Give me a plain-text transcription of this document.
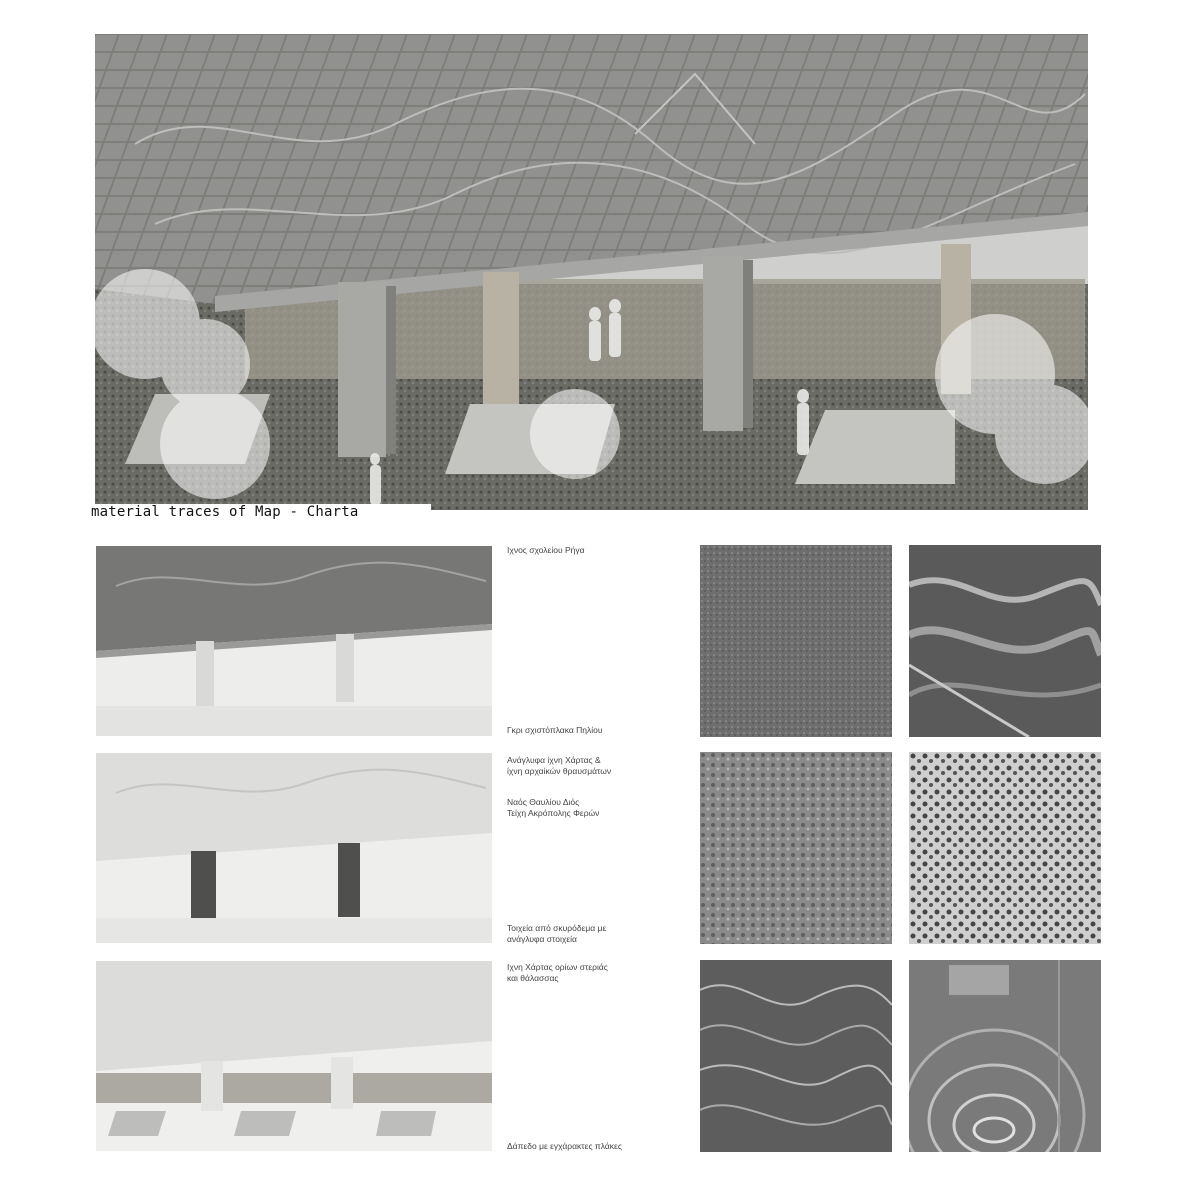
material traces of Map - Charta
Ιχνος σχολείου Ρήγα
Γκρι σχιστόπλακα Πηλίου
Ανάγλυφα ίχνη Χάρτας &
ίχνη αρχαίκών θραυσμάτων
Ναός Θαυλίου Διός
Τείχη Ακρόπολης Φερών
Τοιχεία από σκυρόδεμα με
ανάγλυφα στοιχεία
Ιχνη Χάρτας ορίων στεριάς
και θάλασσας
Δάπεδο με εγχάρακτες πλάκες
